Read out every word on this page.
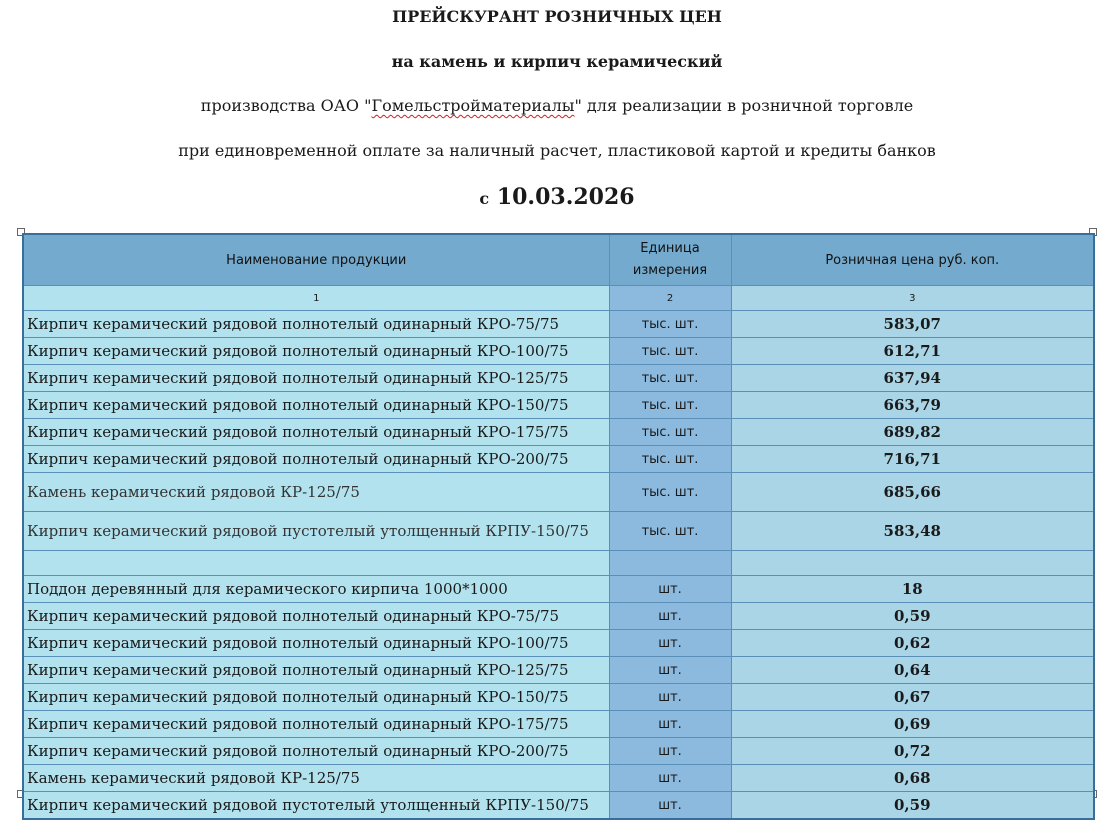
ПРЕЙСКУРАНТ РОЗНИЧНЫХ ЦЕН
на камень и кирпич керамический
производства ОАО "Гомельстройматериалы" для реализации в розничной торговле
при единовременной оплате за наличный расчет, пластиковой картой и кредиты банков
с 10.03.2026
Наименование продукции	Единица измерения	Розничная цена руб. коп.
1	2	3
Кирпич керамический рядовой полнотелый одинарный КРО-75/75	тыс. шт.	583,07
Кирпич керамический рядовой полнотелый одинарный КРО-100/75	тыс. шт.	612,71
Кирпич керамический рядовой полнотелый одинарный КРО-125/75	тыс. шт.	637,94
Кирпич керамический рядовой полнотелый одинарный КРО-150/75	тыс. шт.	663,79
Кирпич керамический рядовой полнотелый одинарный КРО-175/75	тыс. шт.	689,82
Кирпич керамический рядовой полнотелый одинарный КРО-200/75	тыс. шт.	716,71
Камень керамический рядовой КР-125/75	тыс. шт.	685,66
Кирпич керамический рядовой пустотелый утолщенный КРПУ-150/75	тыс. шт.	583,48

Поддон деревянный для керамического кирпича 1000*1000	шт.	18
Кирпич керамический рядовой полнотелый одинарный КРО-75/75	шт.	0,59
Кирпич керамический рядовой полнотелый одинарный КРО-100/75	шт.	0,62
Кирпич керамический рядовой полнотелый одинарный КРО-125/75	шт.	0,64
Кирпич керамический рядовой полнотелый одинарный КРО-150/75	шт.	0,67
Кирпич керамический рядовой полнотелый одинарный КРО-175/75	шт.	0,69
Кирпич керамический рядовой полнотелый одинарный КРО-200/75	шт.	0,72
Камень керамический рядовой КР-125/75	шт.	0,68
Кирпич керамический рядовой пустотелый утолщенный КРПУ-150/75	шт.	0,59
